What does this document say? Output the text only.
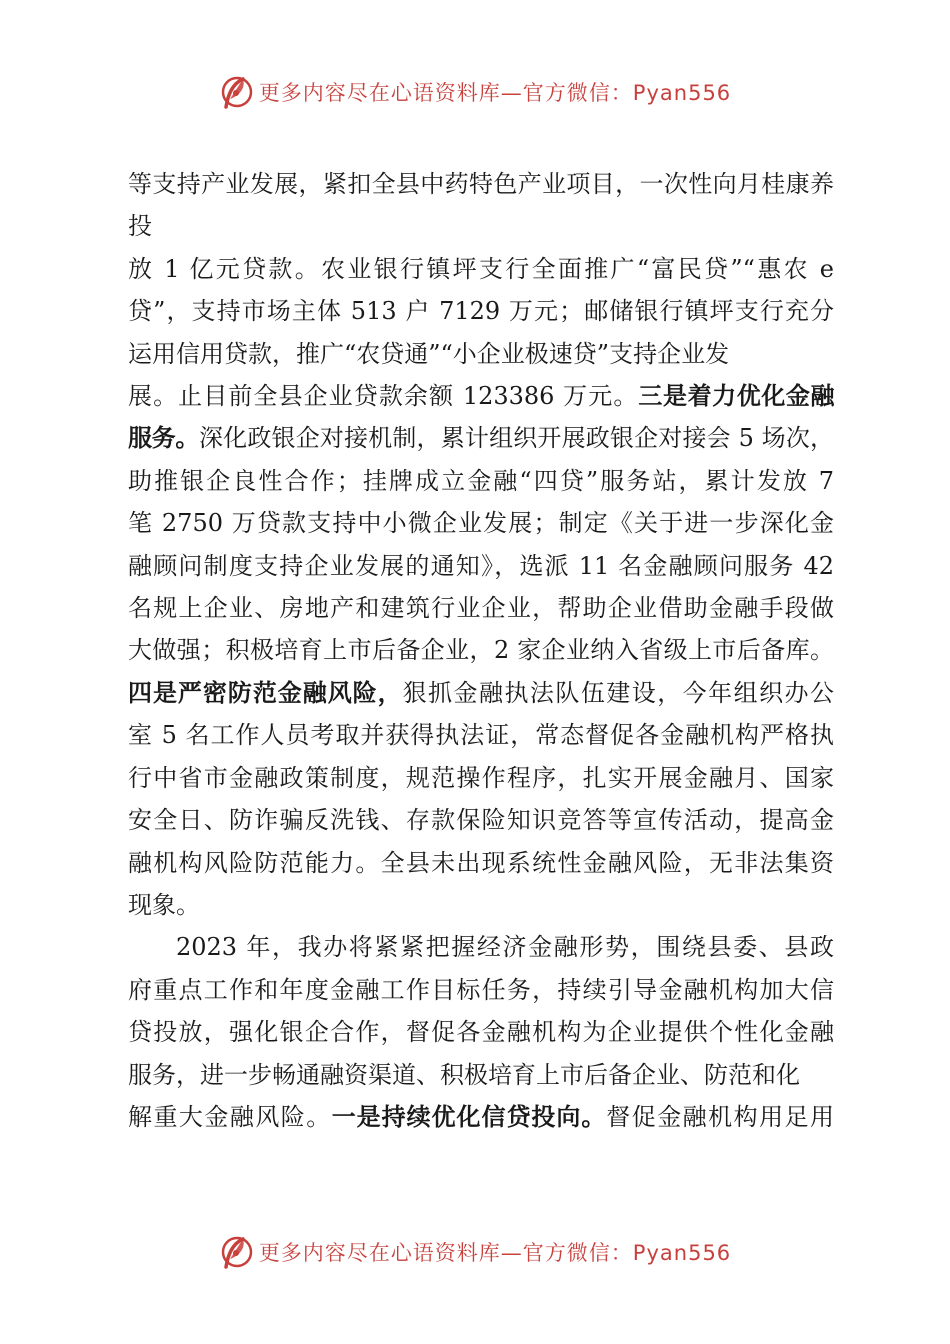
更多内容尽在心语资料库—官方微信：Pyan556

等支持产业发展，紧扣全县中药特色产业项目，一次性向月桂康养投

放 1 亿元贷款。农业银行镇坪支行全面推广“富民贷”“惠农 e

贷”，支持市场主体 513 户 7129 万元；邮储银行镇坪支行充分

运用信用贷款，推广“农贷通”“小企业极速贷”支持企业发

展。止目前全县企业贷款余额 123386 万元。三是着力优化金融

服务。深化政银企对接机制，累计组织开展政银企对接会 5 场次，

助推银企良性合作；挂牌成立金融“四贷”服务站，累计发放 7

笔 2750 万贷款支持中小微企业发展；制定《关于进一步深化金

融顾问制度支持企业发展的通知》，选派 11 名金融顾问服务 42

名规上企业、房地产和建筑行业企业，帮助企业借助金融手段做

大做强；积极培育上市后备企业，2 家企业纳入省级上市后备库。

四是严密防范金融风险，狠抓金融执法队伍建设，今年组织办公

室 5 名工作人员考取并获得执法证，常态督促各金融机构严格执

行中省市金融政策制度，规范操作程序，扎实开展金融月、国家

安全日、防诈骗反洗钱、存款保险知识竞答等宣传活动，提高金

融机构风险防范能力。全县未出现系统性金融风险，无非法集资

现象。

2023 年，我办将紧紧把握经济金融形势，围绕县委、县政

府重点工作和年度金融工作目标任务，持续引导金融机构加大信

贷投放，强化银企合作，督促各金融机构为企业提供个性化金融

服务，进一步畅通融资渠道、积极培育上市后备企业、防范和化

解重大金融风险。一是持续优化信贷投向。督促金融机构用足用

更多内容尽在心语资料库—官方微信：Pyan556
